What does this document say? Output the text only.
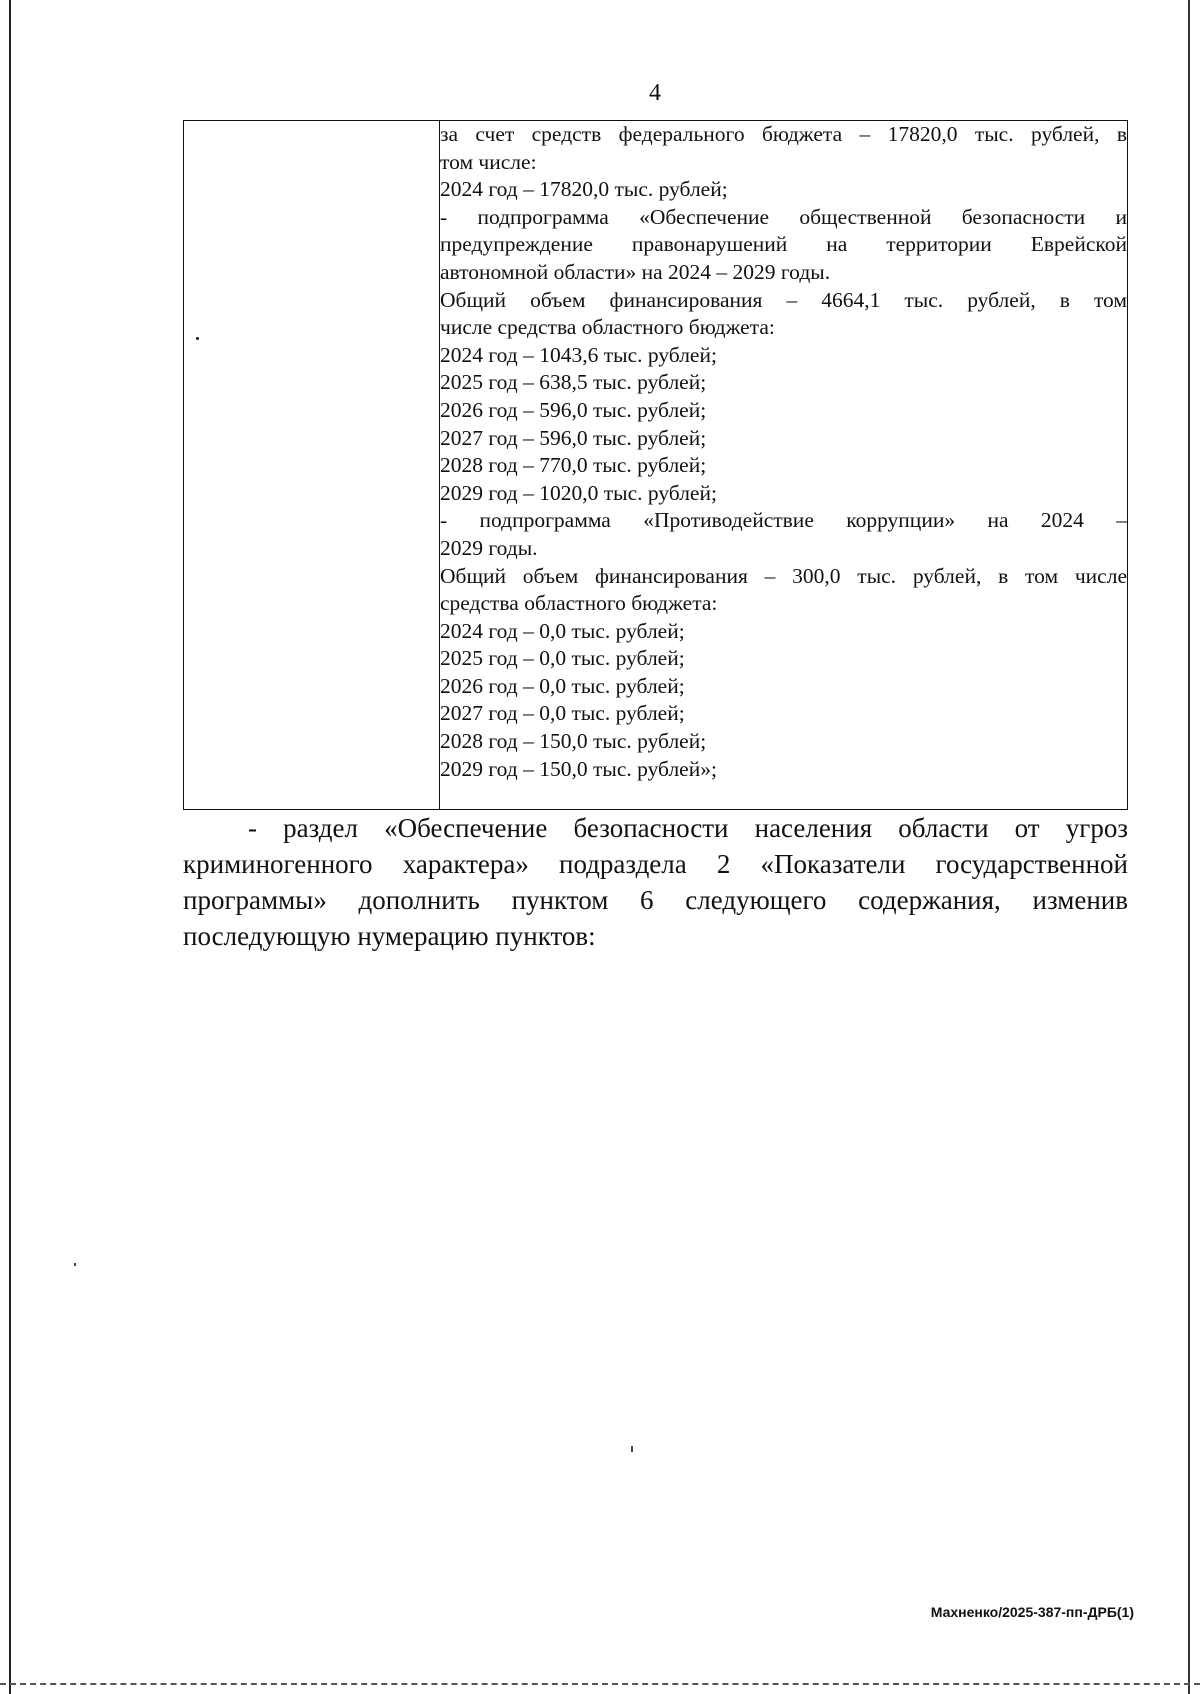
4

за счет средств федерального бюджета – 17820,0 тыс. рублей, в
том числе:
2024 год – 17820,0 тыс. рублей;
- подпрограмма «Обеспечение общественной безопасности и
предупреждение правонарушений на территории Еврейской
автономной области» на 2024 – 2029 годы.
Общий объем финансирования – 4664,1 тыс. рублей, в том
числе средства областного бюджета:
2024 год – 1043,6 тыс. рублей;
2025 год – 638,5 тыс. рублей;
2026 год – 596,0 тыс. рублей;
2027 год – 596,0 тыс. рублей;
2028 год – 770,0 тыс. рублей;
2029 год – 1020,0 тыс. рублей;
- подпрограмма «Противодействие коррупции» на 2024 –
2029 годы.
Общий объем финансирования – 300,0 тыс. рублей, в том числе
средства областного бюджета:
2024 год – 0,0 тыс. рублей;
2025 год – 0,0 тыс. рублей;
2026 год – 0,0 тыс. рублей;
2027 год – 0,0 тыс. рублей;
2028 год – 150,0 тыс. рублей;
2029 год – 150,0 тыс. рублей»;
- раздел «Обеспечение безопасности населения области от угроз
криминогенного характера» подраздела 2 «Показатели государственной
программы» дополнить пунктом 6 следующего содержания, изменив
последующую нумерацию пунктов:
Махненко/2025-387-пп-ДРБ(1)
